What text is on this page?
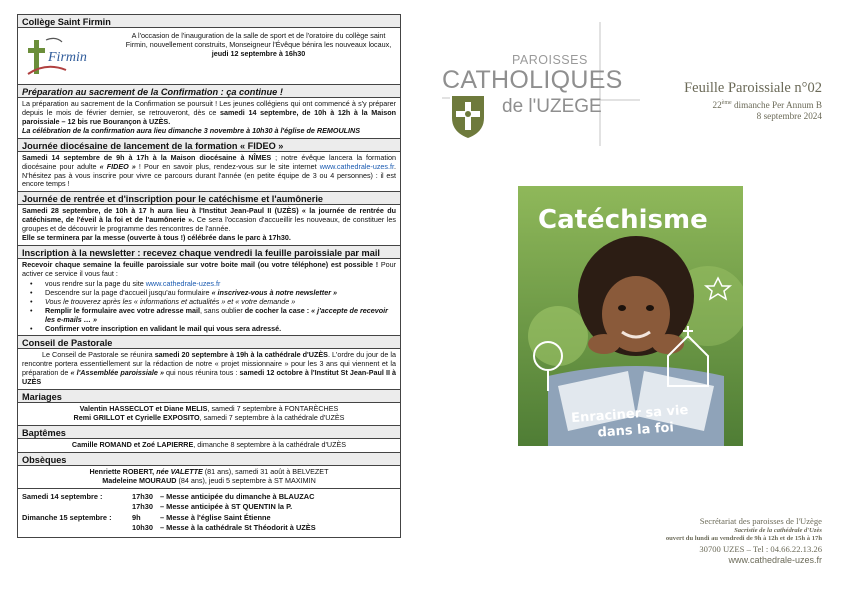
Collège Saint Firmin
Firmin
A l'occasion de l'inauguration de la salle de sport et de l'oratoire du collège saint Firmin, nouvellement construits, Monseigneur l'Évêque bénira les nouveaux locaux, jeudi 12 septembre à 16h30
Préparation au sacrement de la Confirmation : ça continue !
La préparation au sacrement de la Confirmation se poursuit ! Les jeunes collégiens qui ont commencé à s'y préparer depuis le mois de février dernier, se retrouveront, dès ce samedi 14 septembre, de 10h à 12h à la Maison paroissiale – 12 bis rue Bourançon à UZÈS.
La célébration de la confirmation aura lieu dimanche 3 novembre à 10h30 à l'église de REMOULINS
Journée diocésaine de lancement de la formation « FIDEO »
Samedi 14 septembre de 9h à 17h à la Maison diocésaine à NÎMES ; notre évêque lancera la formation diocésaine pour adulte « FIDEO » ! Pour en savoir plus, rendez-vous sur le site internet www.cathedrale-uzes.fr. N'hésitez pas à vous inscrire pour vivre ce parcours durant l'année (en petite équipe de 3 ou 4 personnes) : il est encore temps !
Journée de rentrée et d'inscription pour le catéchisme et l'aumônerie
Samedi 28 septembre, de 10h à 17 h aura lieu à l'Institut Jean-Paul II (UZÈS) « la journée de rentrée du catéchisme, de l'éveil à la foi et de l'aumônerie ». Ce sera l'occasion d'accueillir les nouveaux, de constituer les groupes et de découvrir le programme des rencontres de l'année.
Elle se terminera par la messe (ouverte à tous !) célébrée dans le parc à 17h30.
Inscription à la newsletter : recevez chaque vendredi la feuille paroissiale par mail
Recevoir chaque semaine la feuille paroissiale sur votre boite mail (ou votre téléphone) est possible ! Pour activer ce service il vous faut :
• vous rendre sur la page du site www.cathedrale-uzes.fr
• Descendre sur la page d'accueil jusqu'au formulaire « inscrivez-vous à notre newsletter »
• Vous le trouverez après les « informations et actualités » et « votre demande »
• Remplir le formulaire avec votre adresse mail, sans oublier de cocher la case : « j'accepte de recevoir les e-mails … »
• Confirmer votre inscription en validant le mail qui vous sera adressé.
Conseil de Pastorale
Le Conseil de Pastorale se réunira samedi 20 septembre à 19h à la cathédrale d'UZÈS. L'ordre du jour de la rencontre portera essentiellement sur la rédaction de notre « projet missionnaire » pour les 3 ans qui viennent et la préparation de « l'Assemblée paroissiale » qui nous réunira tous : samedi 12 octobre à l'Institut St Jean-Paul II à UZÈS
Mariages
Valentin HASSECLOT et Diane MELIS, samedi 7 septembre à FONTARÈCHES
Remi GRILLOT et Cyrielle EXPOSITO, samedi 7 septembre à la cathédrale d'UZÈS
Baptêmes
Camille ROMAND et Zoé LAPIERRE, dimanche 8 septembre à la cathédrale d'UZÈS
Obsèques
Henriette ROBERT, née VALETTE (81 ans), samedi 31 août à BELVEZET
Madeleine MOURAUD (84 ans), jeudi 5 septembre à ST MAXIMIN
Samedi 14 septembre :	17h30 – Messe anticipée du dimanche à BLAUZAC
17h30 – Messe anticipée à ST QUENTIN la P.
Dimanche 15 septembre :	9h	– Messe à l'église Saint Étienne
10h30 – Messe à la cathédrale St Théodorit à UZÈS
PAROISSES
CATHOLIQUES
de l'UZEGE
Feuille Paroissiale n°02
22ème dimanche Per Annum B
8 septembre 2024
Catéchisme
Enraciner sa vie
dans la foi
Secrétariat des paroisses de l'Uzège
Sacristie de la cathédrale d'Uzès
ouvert du lundi au vendredi de 9h à 12h et de 15h à 17h
30700 UZES – Tel : 04.66.22.13.26
www.cathedrale-uzes.fr
